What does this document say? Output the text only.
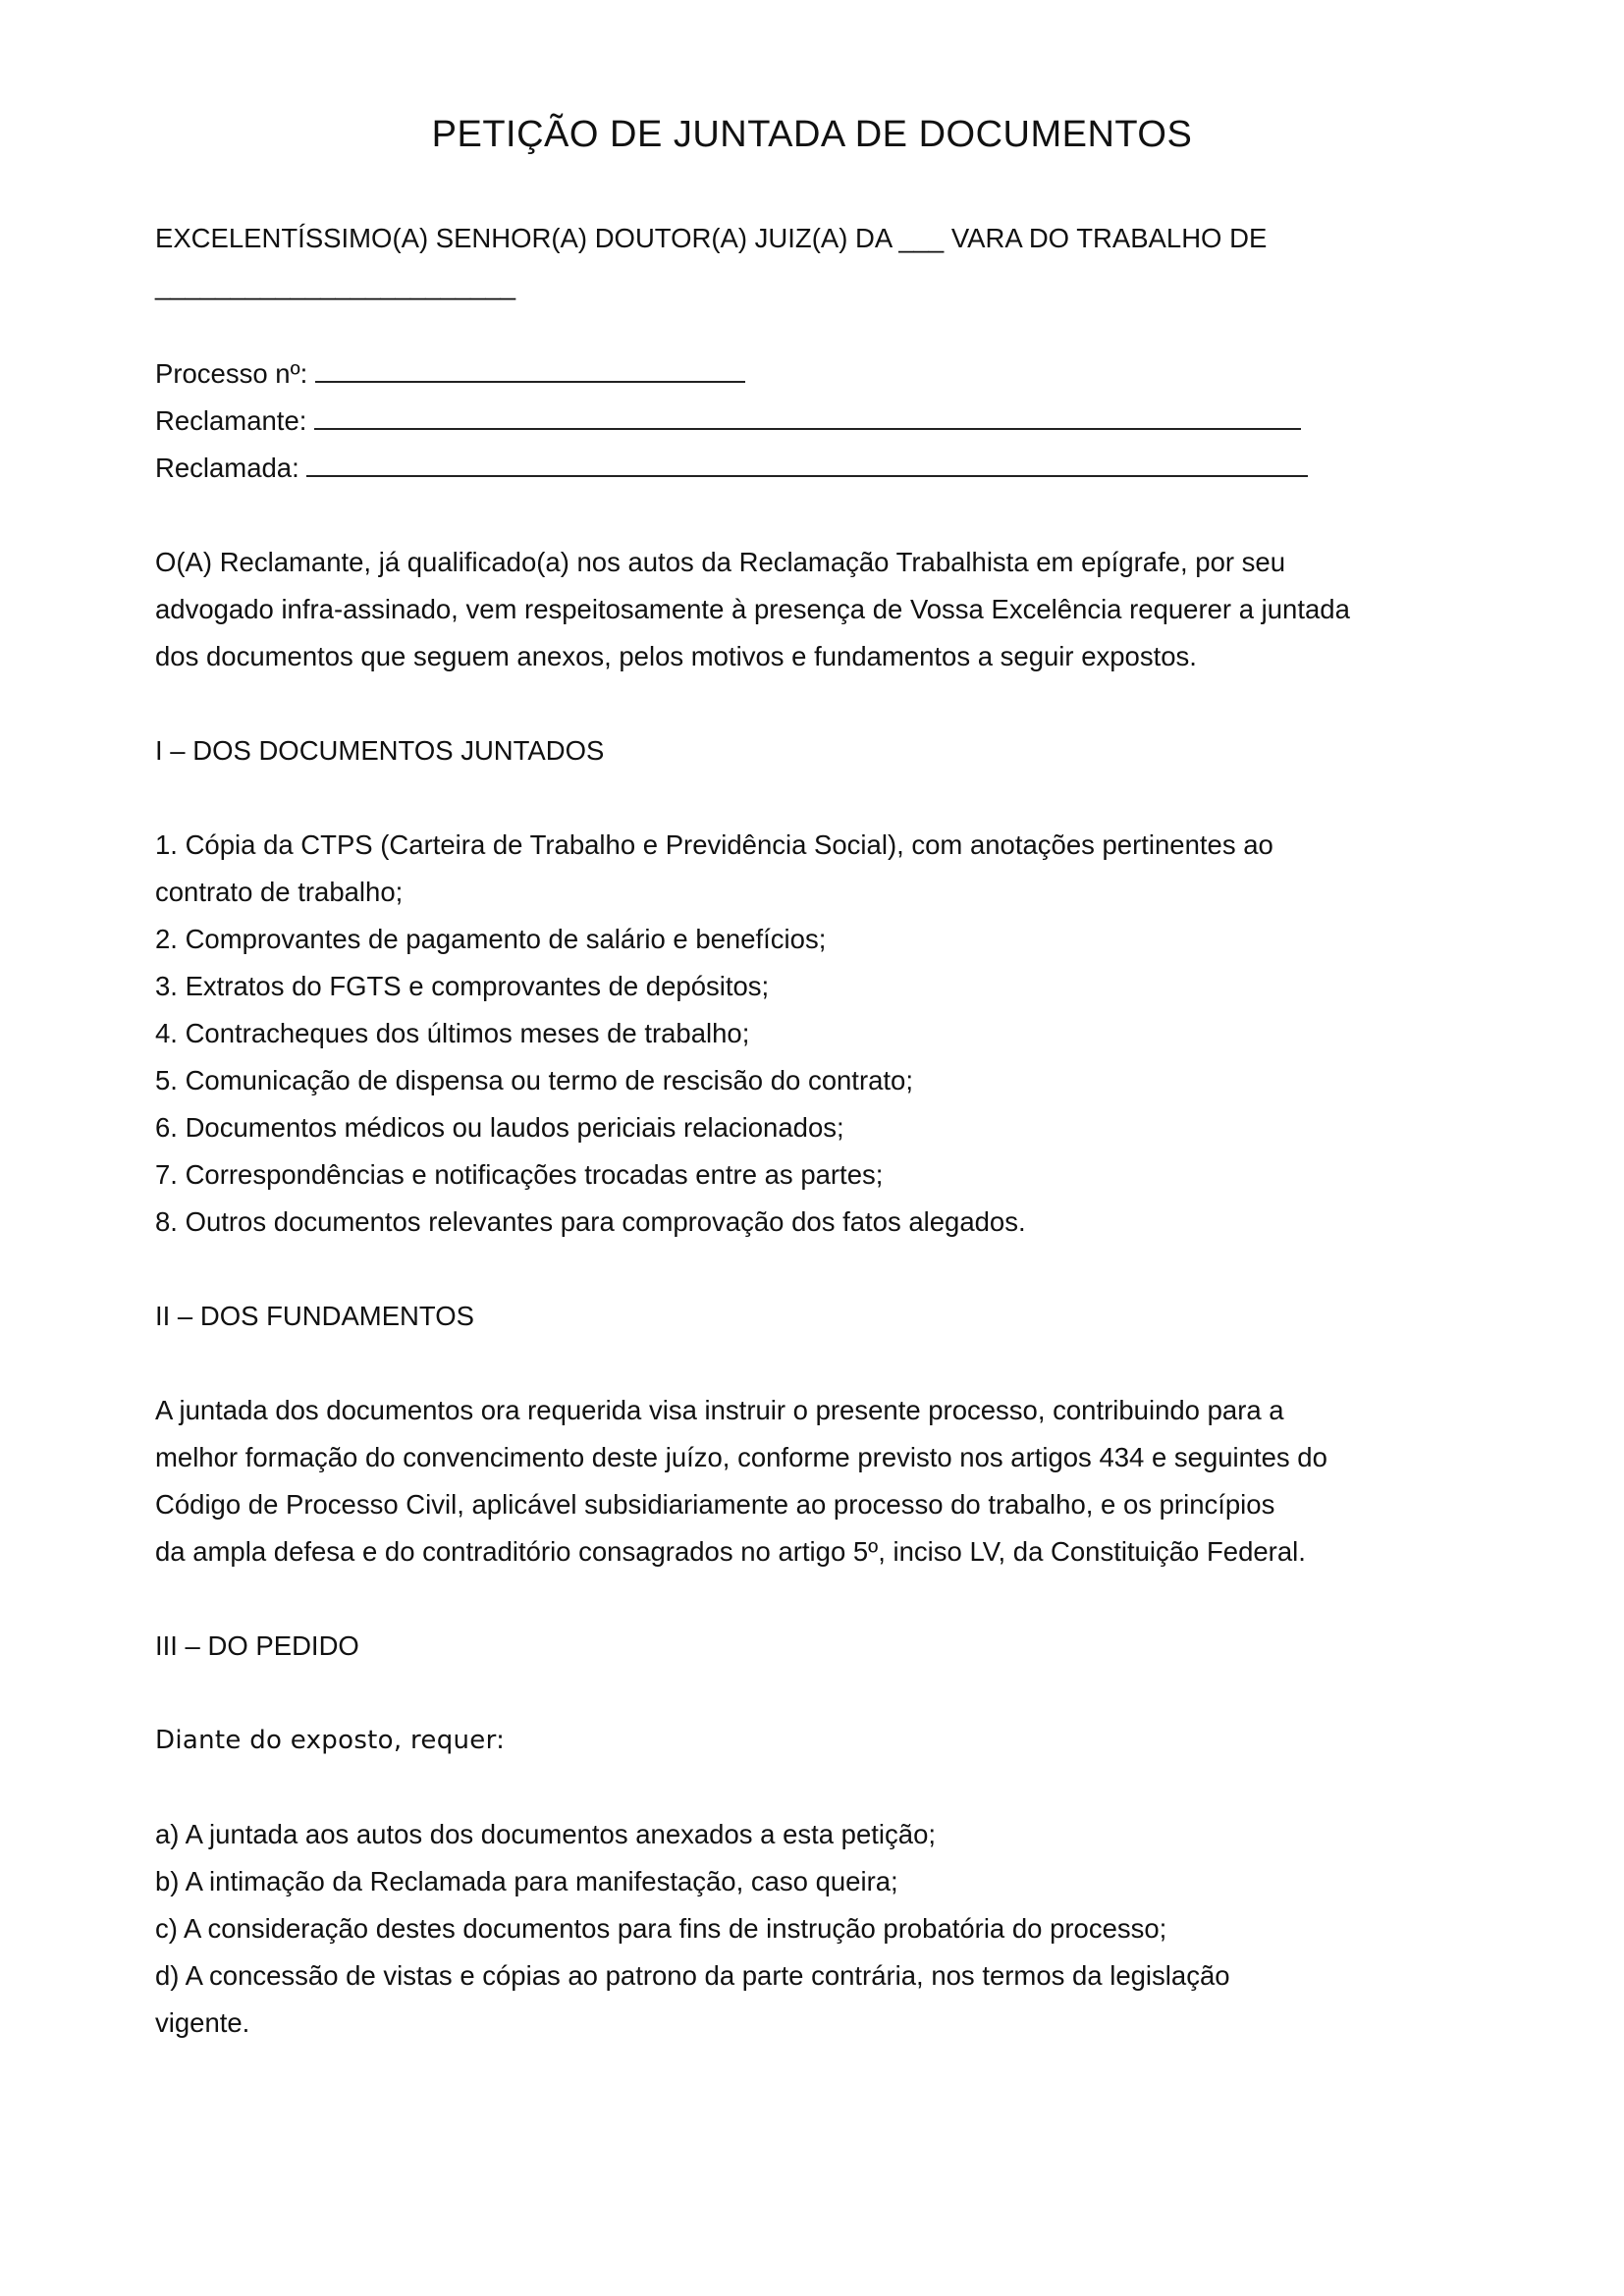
PETIÇÃO DE JUNTADA DE DOCUMENTOS
EXCELENTÍSSIMO(A) SENHOR(A) DOUTOR(A) JUIZ(A) DA ___ VARA DO TRABALHO DE
________________________
Processo nº:
Reclamante:
Reclamada:
O(A) Reclamante, já qualificado(a) nos autos da Reclamação Trabalhista em epígrafe, por seu
advogado infra-assinado, vem respeitosamente à presença de Vossa Excelência requerer a juntada
dos documentos que seguem anexos, pelos motivos e fundamentos a seguir expostos.
I – DOS DOCUMENTOS JUNTADOS
1. Cópia da CTPS (Carteira de Trabalho e Previdência Social), com anotações pertinentes ao
contrato de trabalho;
2. Comprovantes de pagamento de salário e benefícios;
3. Extratos do FGTS e comprovantes de depósitos;
4. Contracheques dos últimos meses de trabalho;
5. Comunicação de dispensa ou termo de rescisão do contrato;
6. Documentos médicos ou laudos periciais relacionados;
7. Correspondências e notificações trocadas entre as partes;
8. Outros documentos relevantes para comprovação dos fatos alegados.
II – DOS FUNDAMENTOS
A juntada dos documentos ora requerida visa instruir o presente processo, contribuindo para a
melhor formação do convencimento deste juízo, conforme previsto nos artigos 434 e seguintes do
Código de Processo Civil, aplicável subsidiariamente ao processo do trabalho, e os princípios
da ampla defesa e do contraditório consagrados no artigo 5º, inciso LV, da Constituição Federal.
III – DO PEDIDO
Diante do exposto, requer:
a) A juntada aos autos dos documentos anexados a esta petição;
b) A intimação da Reclamada para manifestação, caso queira;
c) A consideração destes documentos para fins de instrução probatória do processo;
d) A concessão de vistas e cópias ao patrono da parte contrária, nos termos da legislação
vigente.
